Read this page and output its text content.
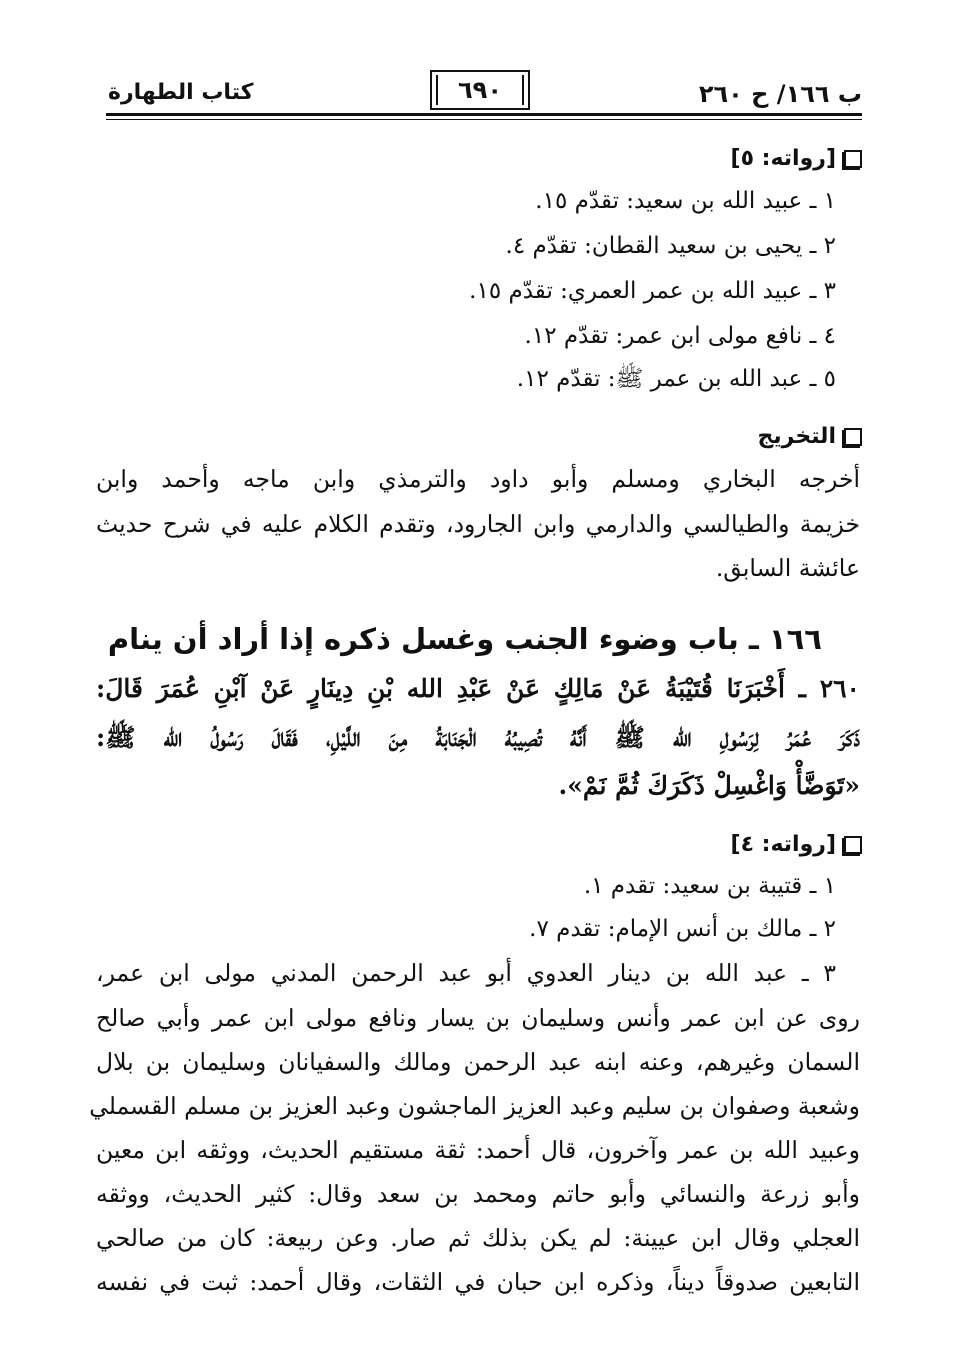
ب ١٦٦/ ح ٢٦٠
٦٩٠
كتاب الطهارة
[رواته: ٥]
١ ـ عبيد الله بن سعيد: تقدّم ١٥.
٢ ـ يحيى بن سعيد القطان: تقدّم ٤.
٣ ـ عبيد الله بن عمر العمري: تقدّم ١٥.
٤ ـ نافع مولى ابن عمر: تقدّم ١٢.
٥ ـ عبد الله بن عمر ﷺ: تقدّم ١٢.
التخريج
أخرجه البخاري ومسلم وأبو داود والترمذي وابن ماجه وأحمد وابن
خزيمة والطيالسي والدارمي وابن الجارود، وتقدم الكلام عليه في شرح حديث
عائشة السابق.
١٦٦ ـ باب وضوء الجنب وغسل ذكره إذا أراد أن ينام
٢٦٠ ـ أَخْبَرَنَا قُتَيْبَةُ عَنْ مَالِكٍ عَنْ عَبْدِ الله بْنِ دِينَارٍ عَنْ آبْنِ عُمَرَ قَالَ:
ذَكَرَ عُمَرُ لِرَسُولِ الله ﷺ أَنَّهُ تُصِيبُهُ الْجَنَابَةُ مِنَ اللَّيْلِ، فَقَالَ رَسُولُ الله ﷺ:
«تَوَضَّأْ وَاغْسِلْ ذَكَرَكَ ثُمَّ نَمْ».
[رواته: ٤]
١ ـ قتيبة بن سعيد: تقدم ١.
٢ ـ مالك بن أنس الإمام: تقدم ٧.
٣ ـ عبد الله بن دينار العدوي أبو عبد الرحمن المدني مولى ابن عمر،
روى عن ابن عمر وأنس وسليمان بن يسار ونافع مولى ابن عمر وأبي صالح
السمان وغيرهم، وعنه ابنه عبد الرحمن ومالك والسفيانان وسليمان بن بلال
وشعبة وصفوان بن سليم وعبد العزيز الماجشون وعبد العزيز بن مسلم القسملي
وعبيد الله بن عمر وآخرون، قال أحمد: ثقة مستقيم الحديث، ووثقه ابن معين
وأبو زرعة والنسائي وأبو حاتم ومحمد بن سعد وقال: كثير الحديث، ووثقه
العجلي وقال ابن عيينة: لم يكن بذلك ثم صار. وعن ربيعة: كان من صالحي
التابعين صدوقاً ديناً، وذكره ابن حبان في الثقات، وقال أحمد: ثبت في نفسه
